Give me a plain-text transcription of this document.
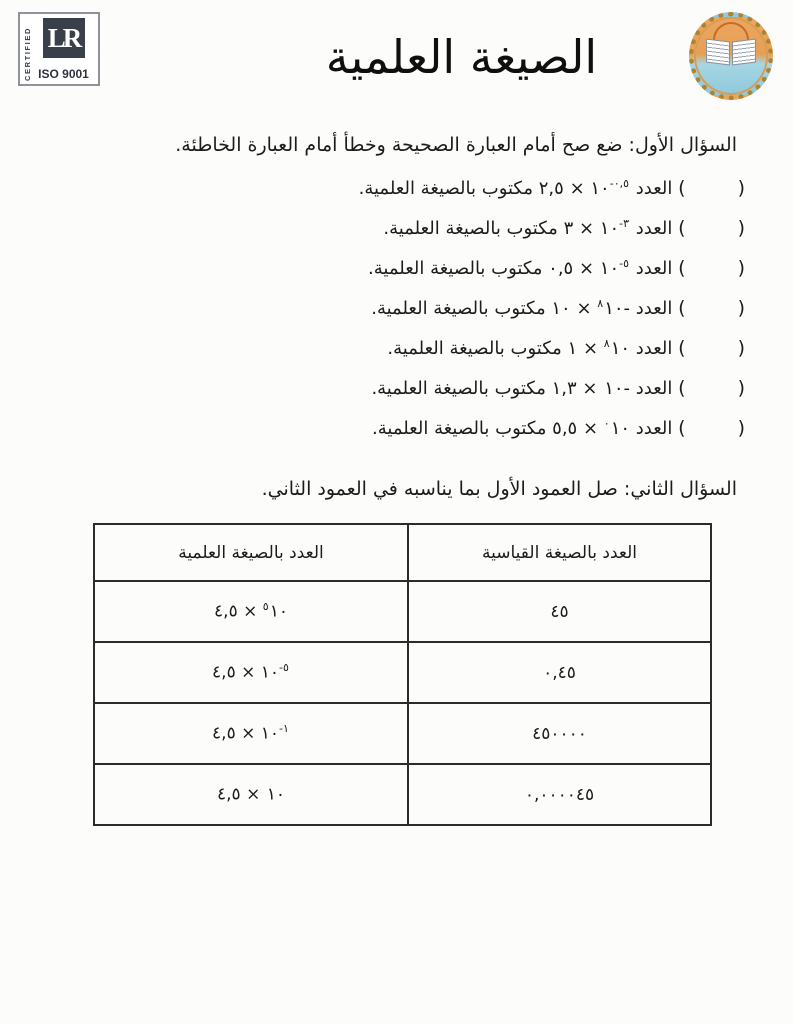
CERTIFIED LR
ISO 9001	الصيغة العلمية
السؤال الأول: ضع صح أمام العبارة الصحيحة وخطأ أمام العبارة الخاطئة.
(	) العدد $^{٠,٥-}$١٠ × ٢,٥ مكتوب بالصيغة العلمية.
(	) العدد $^{٣-}$١٠ × ٣ مكتوب بالصيغة العلمية.
(	) العدد $^{٥-}$١٠ × ٠,٥ مكتوب بالصيغة العلمية.
(	) العدد $^٨$١٠ × ١٠- مكتوب بالصيغة العلمية.
(	) العدد $^٨$١٠ × ١ مكتوب بالصيغة العلمية.
(	) العدد ١٠ × ١,٣- مكتوب بالصيغة العلمية.
(	) العدد $^٠$١٠ × ٥,٥ مكتوب بالصيغة العلمية.
السؤال الثاني: صل العمود الأول بما يناسبه في العمود الثاني.
العدد بالصيغة القياسية	العدد بالصيغة العلمية
٤٥	$^٥$١٠ × ٤,٥
٠,٤٥	$^{٥-}$١٠ × ٤,٥
٤٥٠٠٠٠	$^{١-}$١٠ × ٤,٥
٠,٠٠٠٠٤٥	١٠ × ٤,٥
